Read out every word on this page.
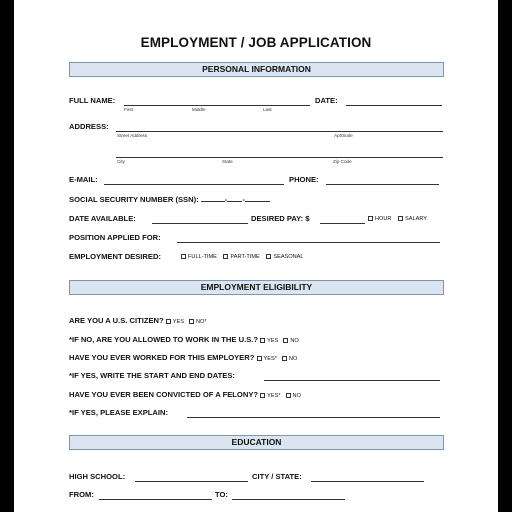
EMPLOYMENT / JOB APPLICATION
PERSONAL INFORMATION
FULL NAME:
First	Middle	Last
DATE:
ADDRESS:
Street Address	Apt/Suite
City	State	Zip Code
E-MAIL:	PHONE:
SOCIAL SECURITY NUMBER (SSN):	- -
DATE AVAILABLE:	DESIRED PAY: $	HOUR SALARY
POSITION APPLIED FOR:
EMPLOYMENT DESIRED:	FULL-TIME PART-TIME SEASONAL
EMPLOYMENT ELIGIBILITY
ARE YOU A U.S. CITIZEN? YES NO*
*IF NO, ARE YOU ALLOWED TO WORK IN THE U.S.? YES NO
HAVE YOU EVER WORKED FOR THIS EMPLOYER? YES* NO
*IF YES, WRITE THE START AND END DATES:
HAVE YOU EVER BEEN CONVICTED OF A FELONY? YES* NO
*IF YES, PLEASE EXPLAIN:
EDUCATION
HIGH SCHOOL:	CITY / STATE:
FROM:	TO:
